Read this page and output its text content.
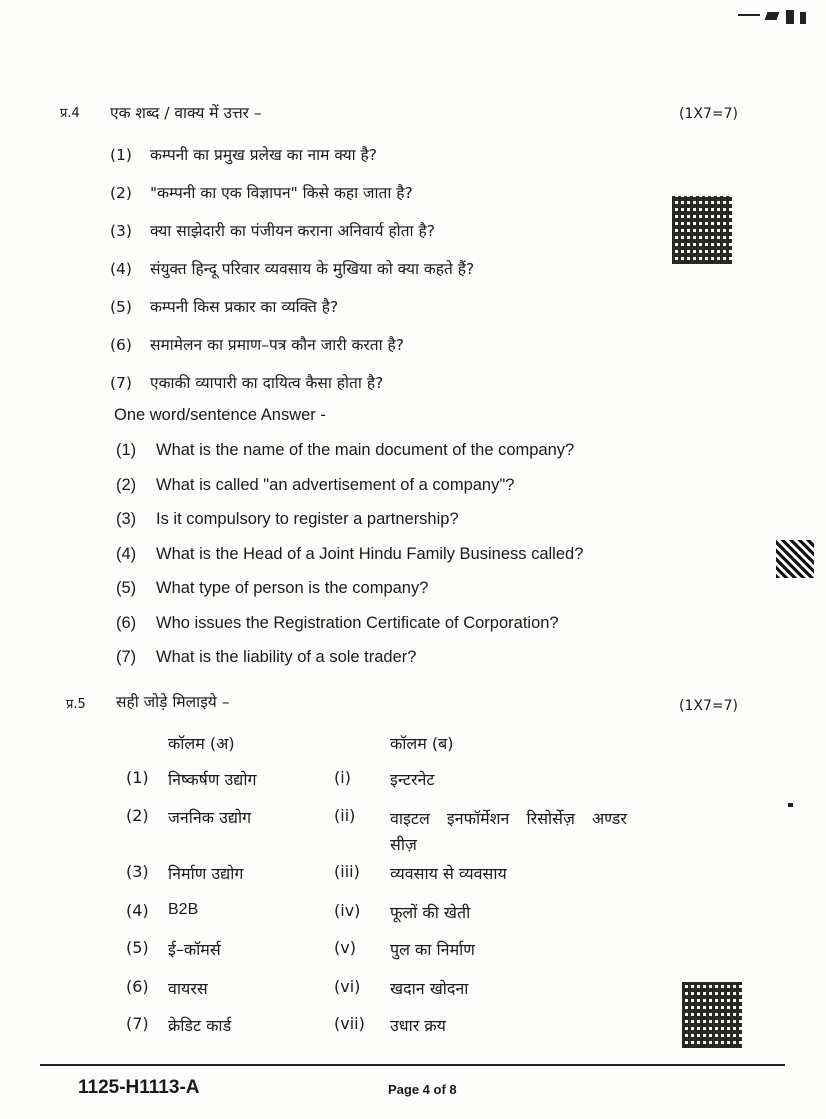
प्र.4 एक शब्द / वाक्य में उत्तर –	(1X7=7)
(1) कम्पनी का प्रमुख प्रलेख का नाम क्या है?
(2) "कम्पनी का एक विज्ञापन" किसे कहा जाता है?
(3) क्या साझेदारी का पंजीयन कराना अनिवार्य होता है?
(4) संयुक्त हिन्दू परिवार व्यवसाय के मुखिया को क्या कहते हैं?
(5) कम्पनी किस प्रकार का व्यक्ति है?
(6) समामेलन का प्रमाण–पत्र कौन जारी करता है?
(7) एकाकी व्यापारी का दायित्व कैसा होता है?
One word/sentence Answer -
(1) What is the name of the main document of the company?
(2) What is called "an advertisement of a company"?
(3) Is it compulsory to register a partnership?
(4) What is the Head of a Joint Hindu Family Business called?
(5) What type of person is the company?
(6) Who issues the Registration Certificate of Corporation?
(7) What is the liability of a sole trader?
प्र.5 सही जोड़े मिलाइये –	(1X7=7)
कॉलम (अ)	कॉलम (ब)
(1) निष्कर्षण उद्योग	(i) इन्टरनेट
(2) जननिक उद्योग	(ii) वाइटल इनफॉर्मेशन रिसोर्सेज़ अण्डर सीज़
(3) निर्माण उद्योग	(iii) व्यवसाय से व्यवसाय
(4) B2B	(iv) फूलों की खेती
(5) ई–कॉमर्स	(v) पुल का निर्माण
(6) वायरस	(vi) खदान खोदना
(7) क्रेडिट कार्ड	(vii) उधार क्रय
1125-H1113-A	Page 4 of 8
